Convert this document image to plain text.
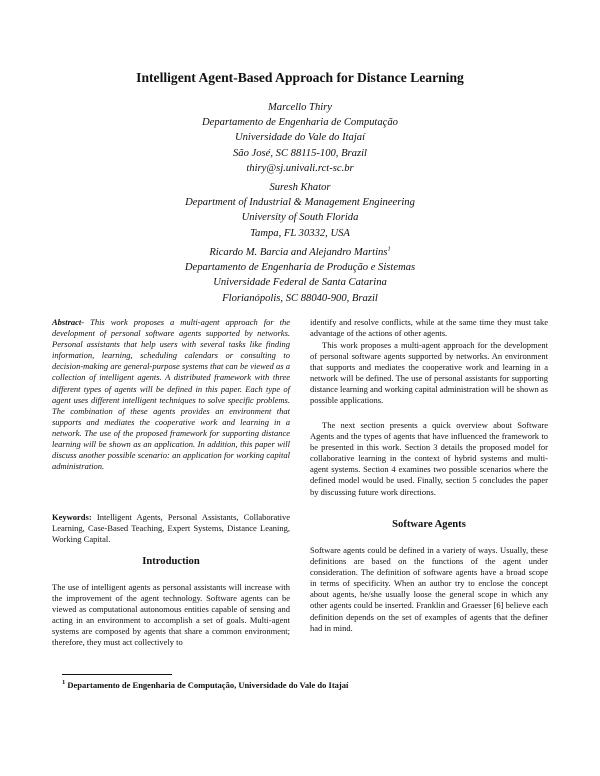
Intelligent Agent-Based Approach for Distance Learning
Marcello Thiry
Departamento de Engenharia de Computação
Universidade do Vale do Itajaí
São José, SC 88115-100, Brazil
thiry@sj.univali.rct-sc.br
Suresh Khator
Department of Industrial & Management Engineering
University of South Florida
Tampa, FL 30332, USA
Ricardo M. Barcia and Alejandro Martins$^1$
Departamento de Engenharia de Produção e Sistemas
Universidade Federal de Santa Catarina
Florianópolis, SC 88040-900, Brazil
Abstract- This work proposes a multi-agent approach for the development of personal software agents supported by networks. Personal assistants that help users with several tasks like finding information, learning, scheduling calendars or consulting to decision-making are general-purpose systems that can be viewed as a collection of intelligent agents. A distributed framework with three different types of agents will be defined in this paper. Each type of agent uses different intelligent techniques to solve specific problems. The combination of these agents provides an environment that supports and mediates the cooperative work and learning in a network. The use of the proposed framework for supporting distance learning will be shown as an application. In addition, this paper will discuss another possible scenario: an application for working capital administration.
Keywords: Intelligent Agents, Personal Assistants, Collaborative Learning, Case-Based Teaching, Expert Systems, Distance Leaning, Working Capital.
Introduction
The use of intelligent agents as personal assistants will increase with the improvement of the agent technology. Software agents can be viewed as computational autonomous entities capable of sensing and acting in an environment to accomplish a set of goals. Multi-agent systems are composed by agents that share a common environment; therefore, they must act collectively to
identify and resolve conflicts, while at the same time they must take advantage of the actions of other agents.
This work proposes a multi-agent approach for the development of personal software agents supported by networks. An environment that supports and mediates the cooperative work and learning in a network will be defined. The use of personal assistants for supporting distance learning and working capital administration will be shown as possible applications.
The next section presents a quick overview about Software Agents and the types of agents that have influenced the framework to be presented in this work. Section 3 details the proposed model for collaborative learning in the context of hybrid systems and multi-agent systems. Section 4 examines two possible scenarios where the defined model would be used. Finally, section 5 concludes the paper by discussing future work directions.
Software Agents
Software agents could be defined in a variety of ways. Usually, these definitions are based on the functions of the agent under consideration. The definition of software agents have a broad scope in terms of specificity. When an author try to enclose the concept about agents, he/she usually loose the general scope in which any other agents could be inserted. Franklin and Graesser [6] believe each definition depends on the set of examples of agents that the definer had in mind.
$^1$ Departamento de Engenharia de Computação, Universidade do Vale do Itajaí
